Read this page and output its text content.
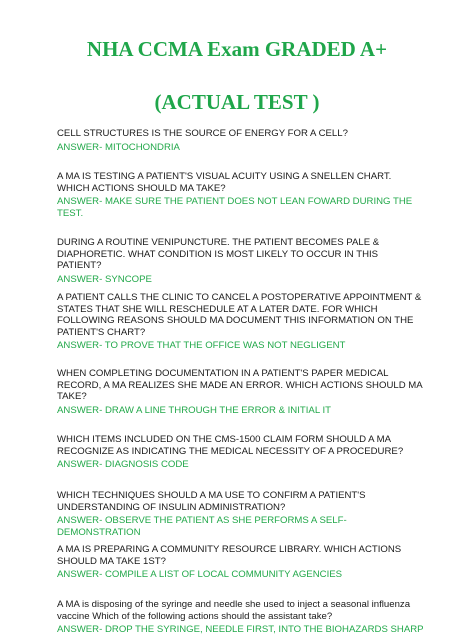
NHA CCMA Exam GRADED A+
(ACTUAL TEST )

CELL STRUCTURES IS THE SOURCE OF ENERGY FOR A CELL?

ANSWER- MITOCHONDRIA

A MA IS TESTING A PATIENT'S VISUAL ACUITY USING A SNELLEN CHART. WHICH ACTIONS SHOULD MA TAKE?

ANSWER- MAKE SURE THE PATIENT DOES NOT LEAN FOWARD DURING THE TEST.

DURING A ROUTINE VENIPUNCTURE. THE PATIENT BECOMES PALE & DIAPHORETIC. WHAT CONDITION IS MOST LIKELY TO OCCUR IN THIS PATIENT?

ANSWER- SYNCOPE

A PATIENT CALLS THE CLINIC TO CANCEL A POSTOPERATIVE APPOINTMENT & STATES THAT SHE WILL RESCHEDULE AT A LATER DATE. FOR WHICH FOLLOWING REASONS SHOULD MA DOCUMENT THIS INFORMATION ON THE PATIENT'S CHART?

ANSWER- TO PROVE THAT THE OFFICE WAS NOT NEGLIGENT

WHEN COMPLETING DOCUMENTATION IN A PATIENT'S PAPER MEDICAL RECORD, A MA REALIZES SHE MADE AN ERROR. WHICH ACTIONS SHOULD MA TAKE?

ANSWER- DRAW A LINE THROUGH THE ERROR & INITIAL IT

WHICH ITEMS INCLUDED ON THE CMS-1500 CLAIM FORM SHOULD A MA RECOGNIZE AS INDICATING THE MEDICAL NECESSITY OF A PROCEDURE?

ANSWER- DIAGNOSIS CODE

WHICH TECHNIQUES SHOULD A MA USE TO CONFIRM A PATIENT'S UNDERSTANDING OF INSULIN ADMINISTRATION?

ANSWER- OBSERVE THE PATIENT AS SHE PERFORMS A SELF-DEMONSTRATION

A MA IS PREPARING A COMMUNITY RESOURCE LIBRARY. WHICH ACTIONS SHOULD MA TAKE 1ST?

ANSWER- COMPILE A LIST OF LOCAL COMMUNITY AGENCIES

A MA is disposing of the syringe and needle she used to inject a seasonal influenza vaccine Which of the following actions should the assistant take?

ANSWER- DROP THE SYRINGE, NEEDLE FIRST, INTO THE BIOHAZARDS SHARP
